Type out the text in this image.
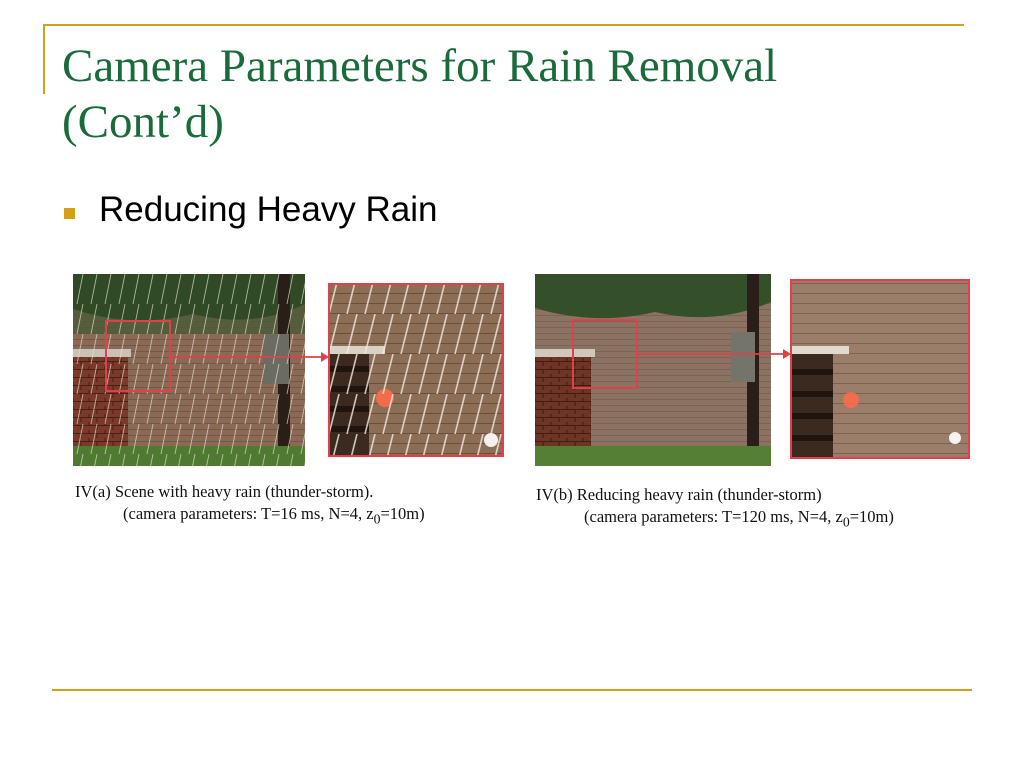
Camera Parameters for Rain Removal
(Cont’d)
Reducing Heavy Rain
IV(a) Scene with heavy rain (thunder-storm).
(camera parameters: T=16 ms, N=4, $z_0=10m$)
IV(b) Reducing heavy rain (thunder-storm)
(camera parameters: T=120 ms, N=4, $z_0=10m$)
